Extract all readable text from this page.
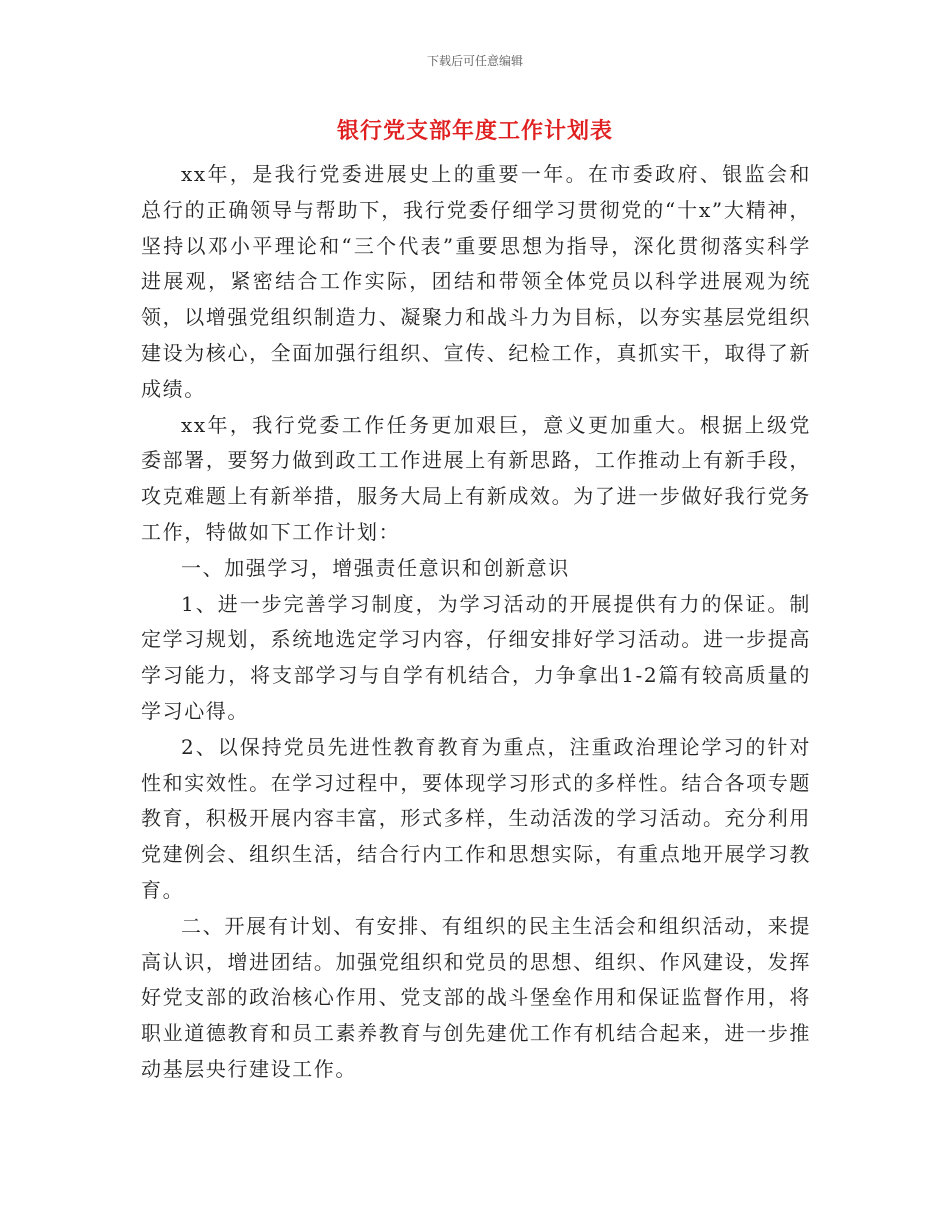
下载后可任意编辑
银行党支部年度工作计划表

xx年，是我行党委进展史上的重要一年。在市委政府、银监会和总行的正确领导与帮助下，我行党委仔细学习贯彻党的“十x”大精神，坚持以邓小平理论和“三个代表”重要思想为指导，深化贯彻落实科学进展观，紧密结合工作实际，团结和带领全体党员以科学进展观为统领，以增强党组织制造力、凝聚力和战斗力为目标，以夯实基层党组织建设为核心，全面加强行组织、宣传、纪检工作，真抓实干，取得了新成绩。

xx年，我行党委工作任务更加艰巨，意义更加重大。根据上级党委部署，要努力做到政工工作进展上有新思路，工作推动上有新手段，攻克难题上有新举措，服务大局上有新成效。为了进一步做好我行党务工作，特做如下工作计划：

一、加强学习，增强责任意识和创新意识

1、进一步完善学习制度，为学习活动的开展提供有力的保证。制定学习规划，系统地选定学习内容，仔细安排好学习活动。进一步提高学习能力，将支部学习与自学有机结合，力争拿出1-2篇有较高质量的学习心得。

2、以保持党员先进性教育教育为重点，注重政治理论学习的针对性和实效性。在学习过程中，要体现学习形式的多样性。结合各项专题教育，积极开展内容丰富，形式多样，生动活泼的学习活动。充分利用党建例会、组织生活，结合行内工作和思想实际，有重点地开展学习教育。

二、开展有计划、有安排、有组织的民主生活会和组织活动，来提高认识，增进团结。加强党组织和党员的思想、组织、作风建设，发挥好党支部的政治核心作用、党支部的战斗堡垒作用和保证监督作用，将职业道德教育和员工素养教育与创先建优工作有机结合起来，进一步推动基层央行建设工作。
